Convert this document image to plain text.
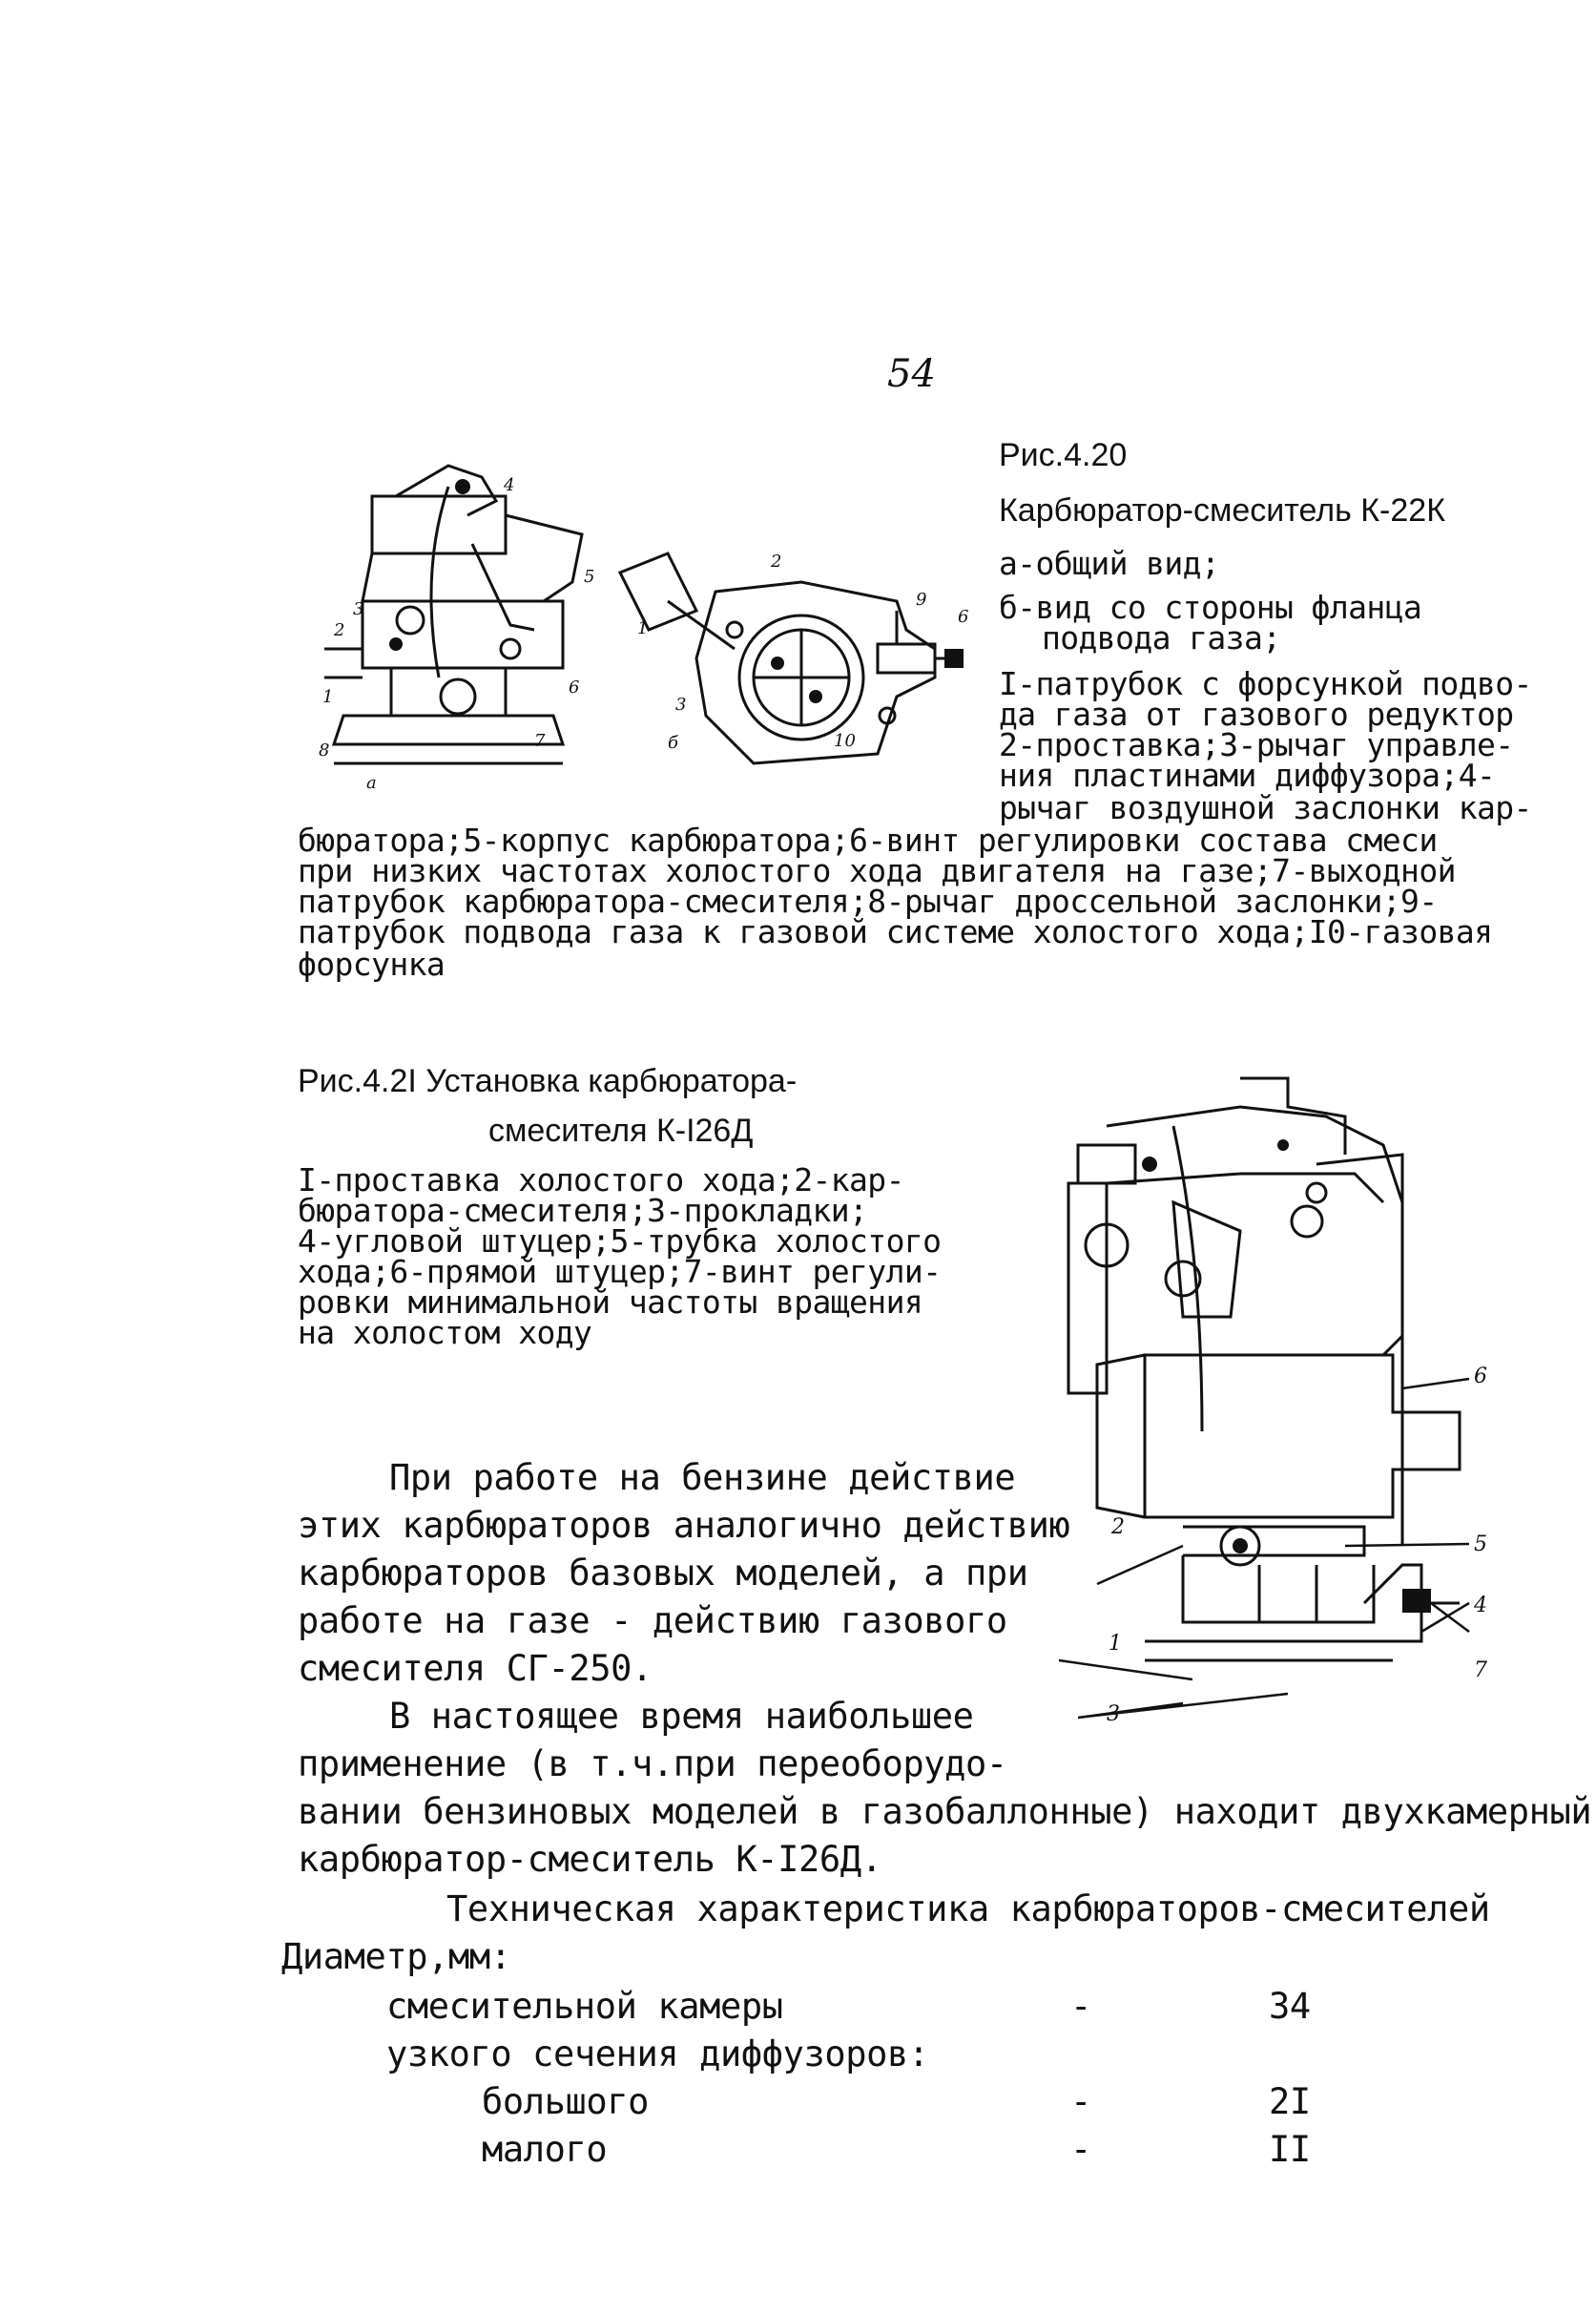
54
4
5
3
2
1	6
8	7
а
1
2
3
б
9
6
10
Рис.4.20
Карбюратор-смеситель К-22К
а-общий вид;
б-вид со стороны фланца
подвода газа;
I-патрубок с форсункой подво-
да газа от газового редуктор
2-проставка;3-рычаг управле-
ния пластинами диффузора;4-
рычаг воздушной заслонки кар-
бюратора;5-корпус карбюратора;6-винт регулировки состава смеси
при низких частотах холостого хода двигателя на газе;7-выходной
патрубок карбюратора-смесителя;8-рычаг дроссельной заслонки;9-
патрубок подвода газа к газовой системе холостого хода;I0-газовая
форсунка
Рис.4.2I Установка карбюратора-
смесителя К-I26Д
I-проставка холостого хода;2-кар-
бюратора-смесителя;3-прокладки;
4-угловой штуцер;5-трубка холостого
хода;6-прямой штуцер;7-винт регули-
ровки минимальной частоты вращения
на холостом ходу
6
2
5
1
4
7
3
При работе на бензине действие
этих карбюраторов аналогично действию
карбюраторов базовых моделей, а при
работе на газе - действию газового
смесителя СГ-250.
В настоящее время наибольшее
применение (в т.ч.при переоборудо-
вании бензиновых моделей в газобаллонные) находит двухкамерный
карбюратор-смеситель К-I26Д.
Техническая характеристика карбюраторов-смесителей
Диаметр,мм:
смесительной камеры	-	34
узкого сечения диффузоров:
большого	-	2I
малого	-	II
